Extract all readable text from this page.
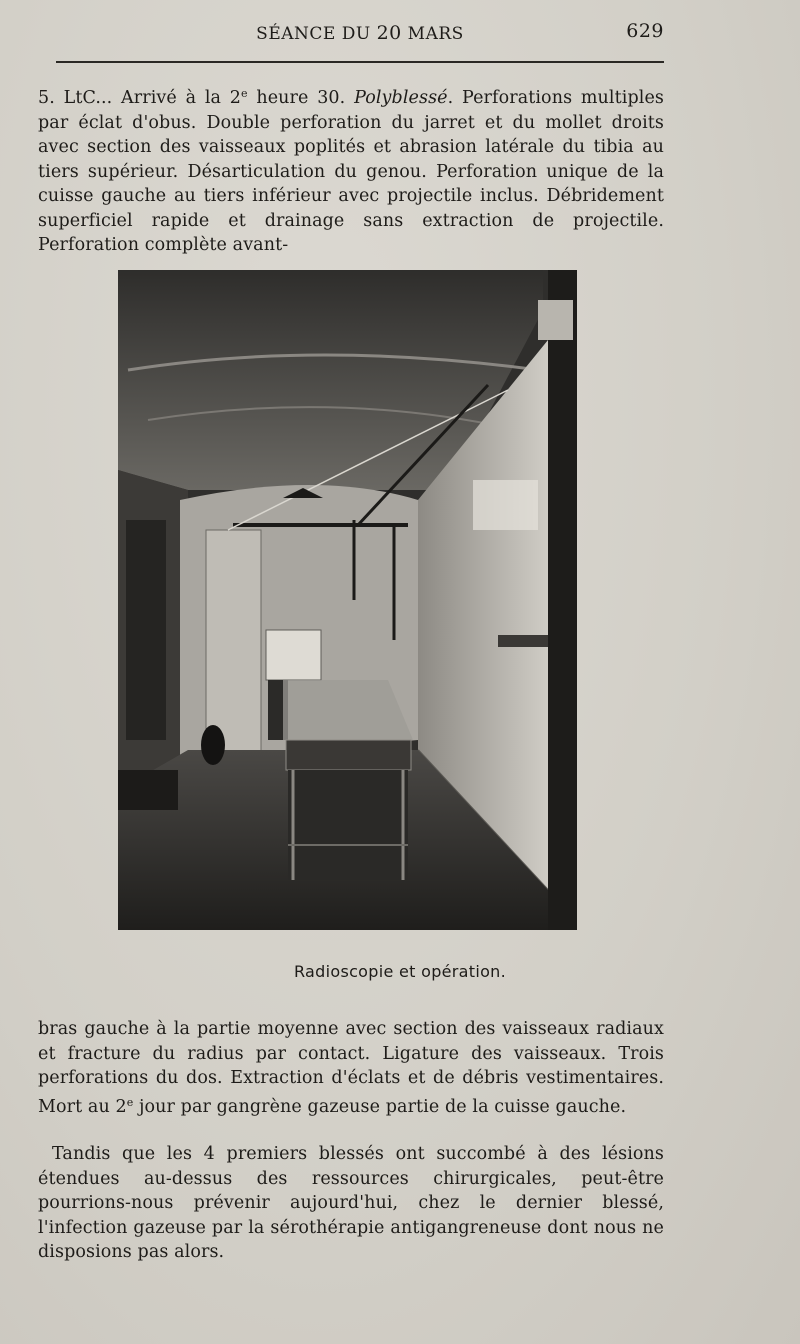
SÉANCE DU 20 MARS	629
5. LtC... Arrivé à la 2e heure 30. Polyblessé. Perforations multiples par éclat d'obus. Double perforation du jarret et du mollet droits avec section des vaisseaux poplités et abrasion latérale du tibia au tiers supérieur. Désarticulation du genou. Perforation unique de la cuisse gauche au tiers inférieur avec projectile inclus. Débridement superficiel rapide et drainage sans extraction de projectile. Perforation complète avant-
Radioscopie et opération.
bras gauche à la partie moyenne avec section des vaisseaux radiaux et fracture du radius par contact. Ligature des vaisseaux. Trois perforations du dos. Extraction d'éclats et de débris vestimentaires. Mort au 2e jour par gangrène gazeuse partie de la cuisse gauche.
Tandis que les 4 premiers blessés ont succombé à des lésions étendues au-dessus des ressources chirurgicales, peut-être pourrions-nous prévenir aujourd'hui, chez le dernier blessé, l'infection gazeuse par la sérothérapie antigangreneuse dont nous ne disposions pas alors.
